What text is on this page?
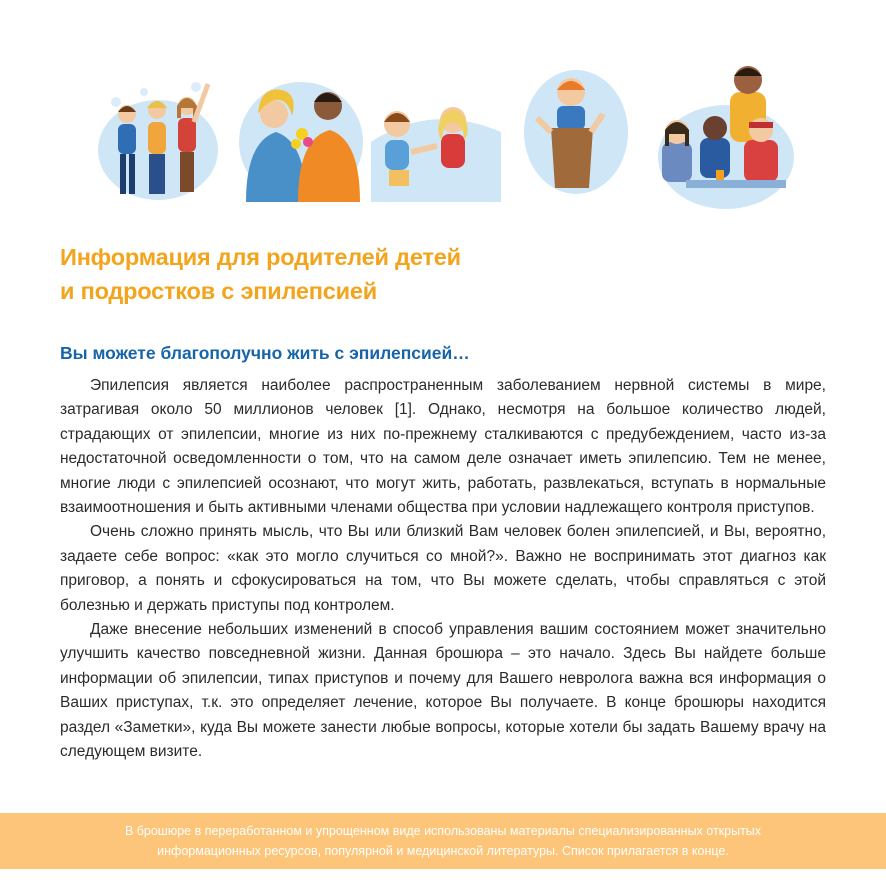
Информация для родителей детей
и подростков с эпилепсией
Вы можете благополучно жить с эпилепсией…

Эпилепсия является наиболее распространенным заболеванием нервной системы в мире, затрагивая около 50 миллионов человек [1]. Однако, несмотря на большое количество людей, страдающих от эпилепсии, многие из них по-прежнему сталкиваются с предубеждением, часто из-за недостаточной осведомленности о том, что на самом деле означает иметь эпилепсию. Тем не менее, многие люди с эпилепсией осознают, что могут жить, работать, развлекаться, вступать в нормальные взаимоотношения и быть активными членами общества при условии надлежащего контроля приступов.

Очень сложно принять мысль, что Вы или близкий Вам человек болен эпилепсией, и Вы, вероятно, задаете себе вопрос: «как это могло случиться со мной?». Важно не воспринимать этот диагноз как приговор, а понять и сфокусироваться на том, что Вы можете сделать, чтобы справляться с этой болезнью и держать приступы под контролем.

Даже внесение небольших изменений в способ управления вашим состоянием может значительно улучшить качество повседневной жизни. Данная брошюра – это начало. Здесь Вы найдете больше информации об эпилепсии, типах приступов и почему для Вашего невролога важна вся информация о Ваших приступах, т.к. это определяет лечение, которое Вы получаете. В конце брошюры находится раздел «Заметки», куда Вы можете занести любые вопросы, которые хотели бы задать Вашему врачу на следующем визите.

В брошюре в переработанном и упрощенном виде использованы материалы специализированных открытых
информационных ресурсов, популярной и медицинской литературы. Список прилагается в конце.
